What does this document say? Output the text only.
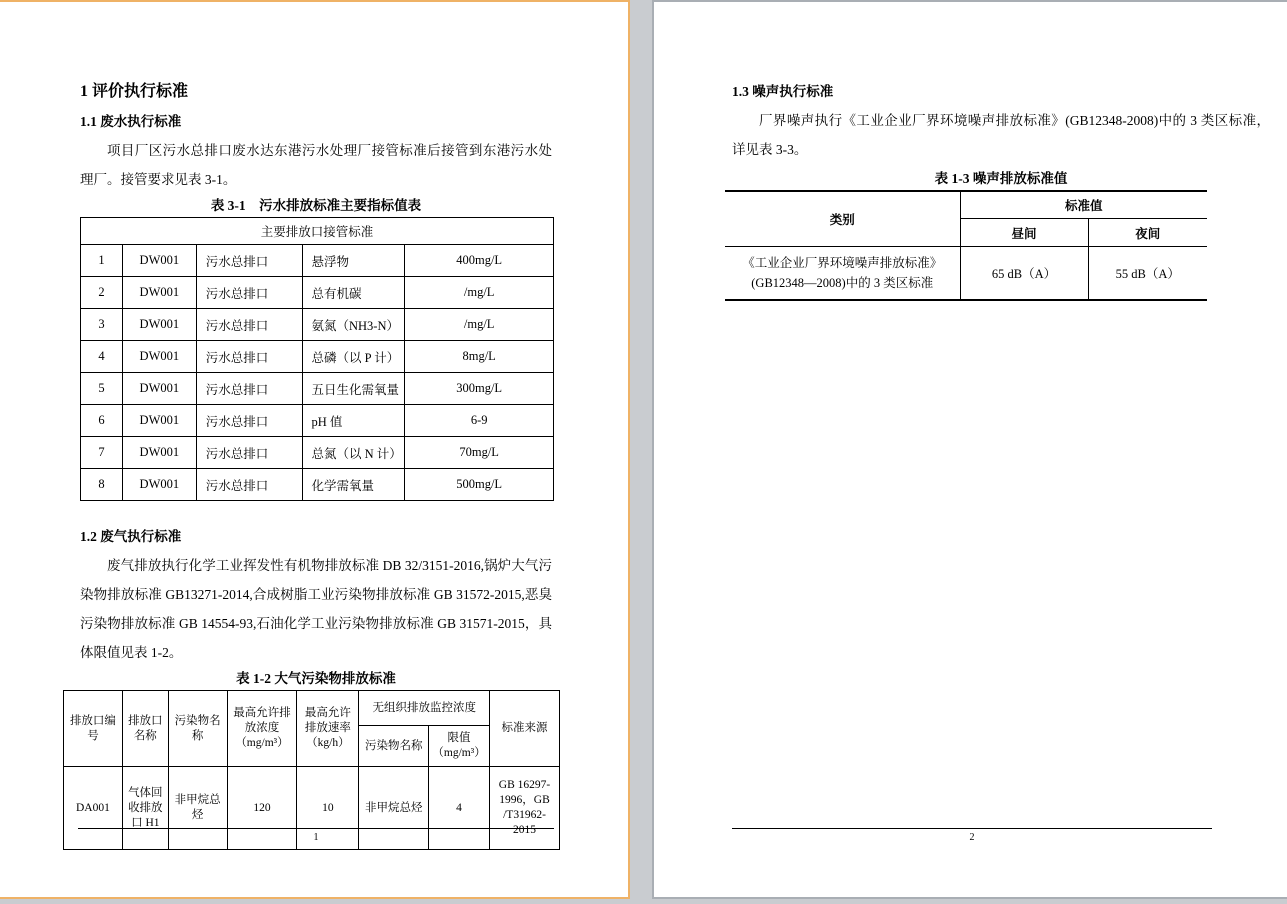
1 评价执行标准
1.1 废水执行标准

项目厂区污水总排口废水达东港污水处理厂接管标准后接管到东港污水处理厂。接管要求见表 3-1。

表 3-1　污水排放标准主要指标值表
主要排放口接管标准				
1	DW001	污水总排口	悬浮物	400mg/L
2	DW001	污水总排口	总有机碳	/mg/L
3	DW001	污水总排口	氨氮（NH3-N）	/mg/L
4	DW001	污水总排口	总磷（以 P 计）	8mg/L
5	DW001	污水总排口	五日生化需氧量	300mg/L
6	DW001	污水总排口	pH 值	6-9
7	DW001	污水总排口	总氮（以 N 计）	70mg/L
8	DW001	污水总排口	化学需氧量	500mg/L
1.2 废气执行标准

废气排放执行化学工业挥发性有机物排放标准 DB 32/3151-2016,锅炉大气污染物排放标准 GB13271-2014,合成树脂工业污染物排放标准 GB 31572-2015,恶臭污染物排放标准 GB 14554-93,石油化学工业污染物排放标准 GB 31571-2015，具体限值见表 1-2。

表 1-2 大气污染物排放标准
排放口编号	排放口名称	污染物名称	最高允许排放浓度（mg/m³）	最高允许排放速率（kg/h）	无组织排放监控浓度		标准来源
					污染物名称	限值（mg/m³）	
DA001	气体回收排放口 H1	非甲烷总烃	120	10	非甲烷总烃	4	GB 16297-1996，GB /T31962-2015
1
1.3 噪声执行标准

厂界噪声执行《工业企业厂界环境噪声排放标准》(GB12348-2008)中的 3 类区标准，详见表 3-3。

表 1-3 噪声排放标准值
类别	标准值	
	昼间	夜间

《工业企业厂界环境噪声排放标准》
(GB12348—2008)中的 3 类区标准	65 dB（A）	55 dB（A）
2
